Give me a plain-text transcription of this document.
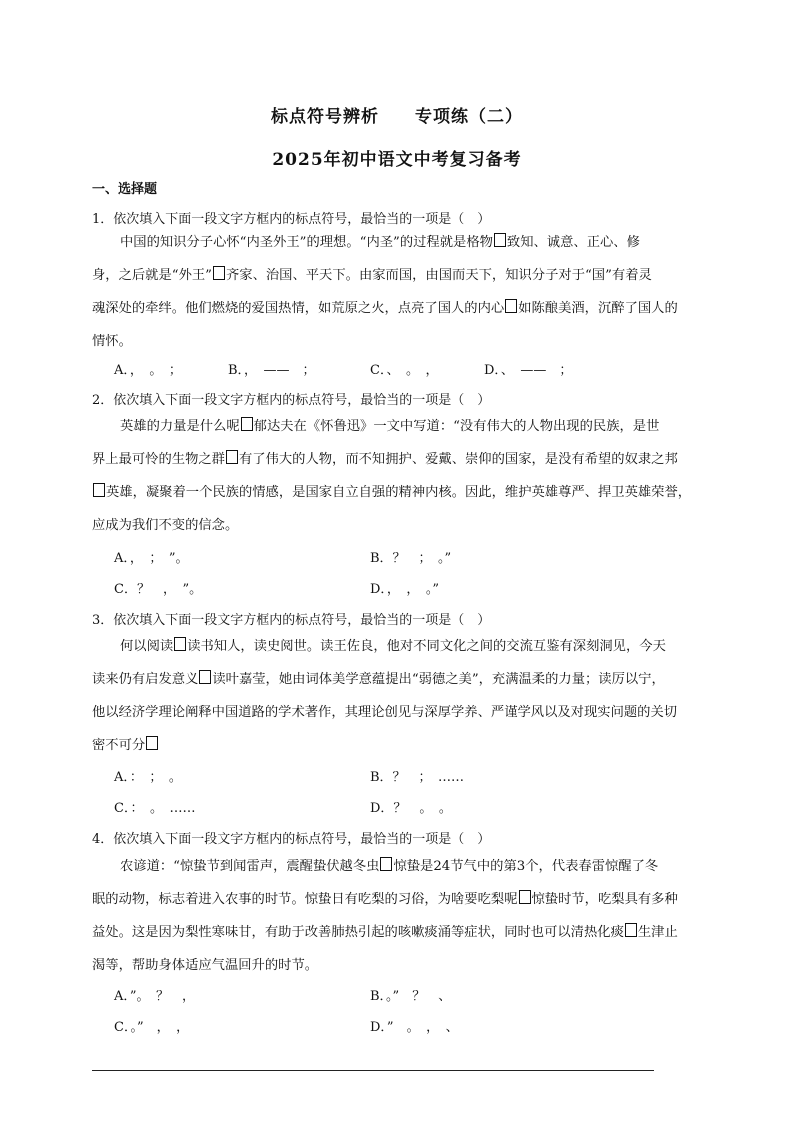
标点符号辨析　　专项练（二）
2025年初中语文中考复习备考
一、选择题
1．依次填入下面一段文字方框内的标点符号，最恰当的一项是（　）
中国的知识分子心怀“内圣外王”的理想。“内圣”的过程就是格物 致知、诚意、正心、修
身，之后就是“外王” 齐家、治国、平天下。由家而国，由国而天下，知识分子对于“国”有着灵
魂深处的牵绊。他们燃烧的爱国热情，如荒原之火，点亮了国人的内心 如陈酿美酒，沉醉了国人的
情怀。
A．，　。　；	B．，　——　；	C．、　。　，	D．、　——　；
2．依次填入下面一段文字方框内的标点符号，最恰当的一项是（　）
英雄的力量是什么呢 郁达夫在《怀鲁迅》一文中写道：“没有伟大的人物出现的民族，是世
界上最可怜的生物之群 有了伟大的人物，而不知拥护、爱戴、崇仰的国家，是没有希望的奴隶之邦
英雄，凝聚着一个民族的情感，是国家自立自强的精神内核。因此，维护英雄尊严、捍卫英雄荣誉，
应成为我们不变的信念。
A．，　；　”。	B．？　；　。”
C．？　，　”。	D．，　，　。”
3．依次填入下面一段文字方框内的标点符号，最恰当的一项是（　）
何以阅读 读书知人，读史阅世。读王佐良，他对不同文化之间的交流互鉴有深刻洞见，今天
读来仍有启发意义 读叶嘉莹，她由词体美学意蕴提出“弱德之美”，充满温柔的力量；读厉以宁，
他以经济学理论阐释中国道路的学术著作，其理论创见与深厚学养、严谨学风以及对现实问题的关切
密不可分
A．：　；　。	B．？　；　……
C．：　。　……	D．？　。　。
4．依次填入下面一段文字方框内的标点符号，最恰当的一项是（　）
农谚道：“惊蛰节到闻雷声，震醒蛰伏越冬虫 惊蛰是24节气中的第3个，代表春雷惊醒了冬
眠的动物，标志着进入农事的时节。惊蛰日有吃梨的习俗，为啥要吃梨呢 惊蛰时节，吃梨具有多种
益处。这是因为梨性寒味甘，有助于改善肺热引起的咳嗽痰涌等症状，同时也可以清热化痰 生津止
渴等，帮助身体适应气温回升的时节。
A．”。　？　，	B．。”　？　、
C．。”　，　，	D．”　。　，　、
